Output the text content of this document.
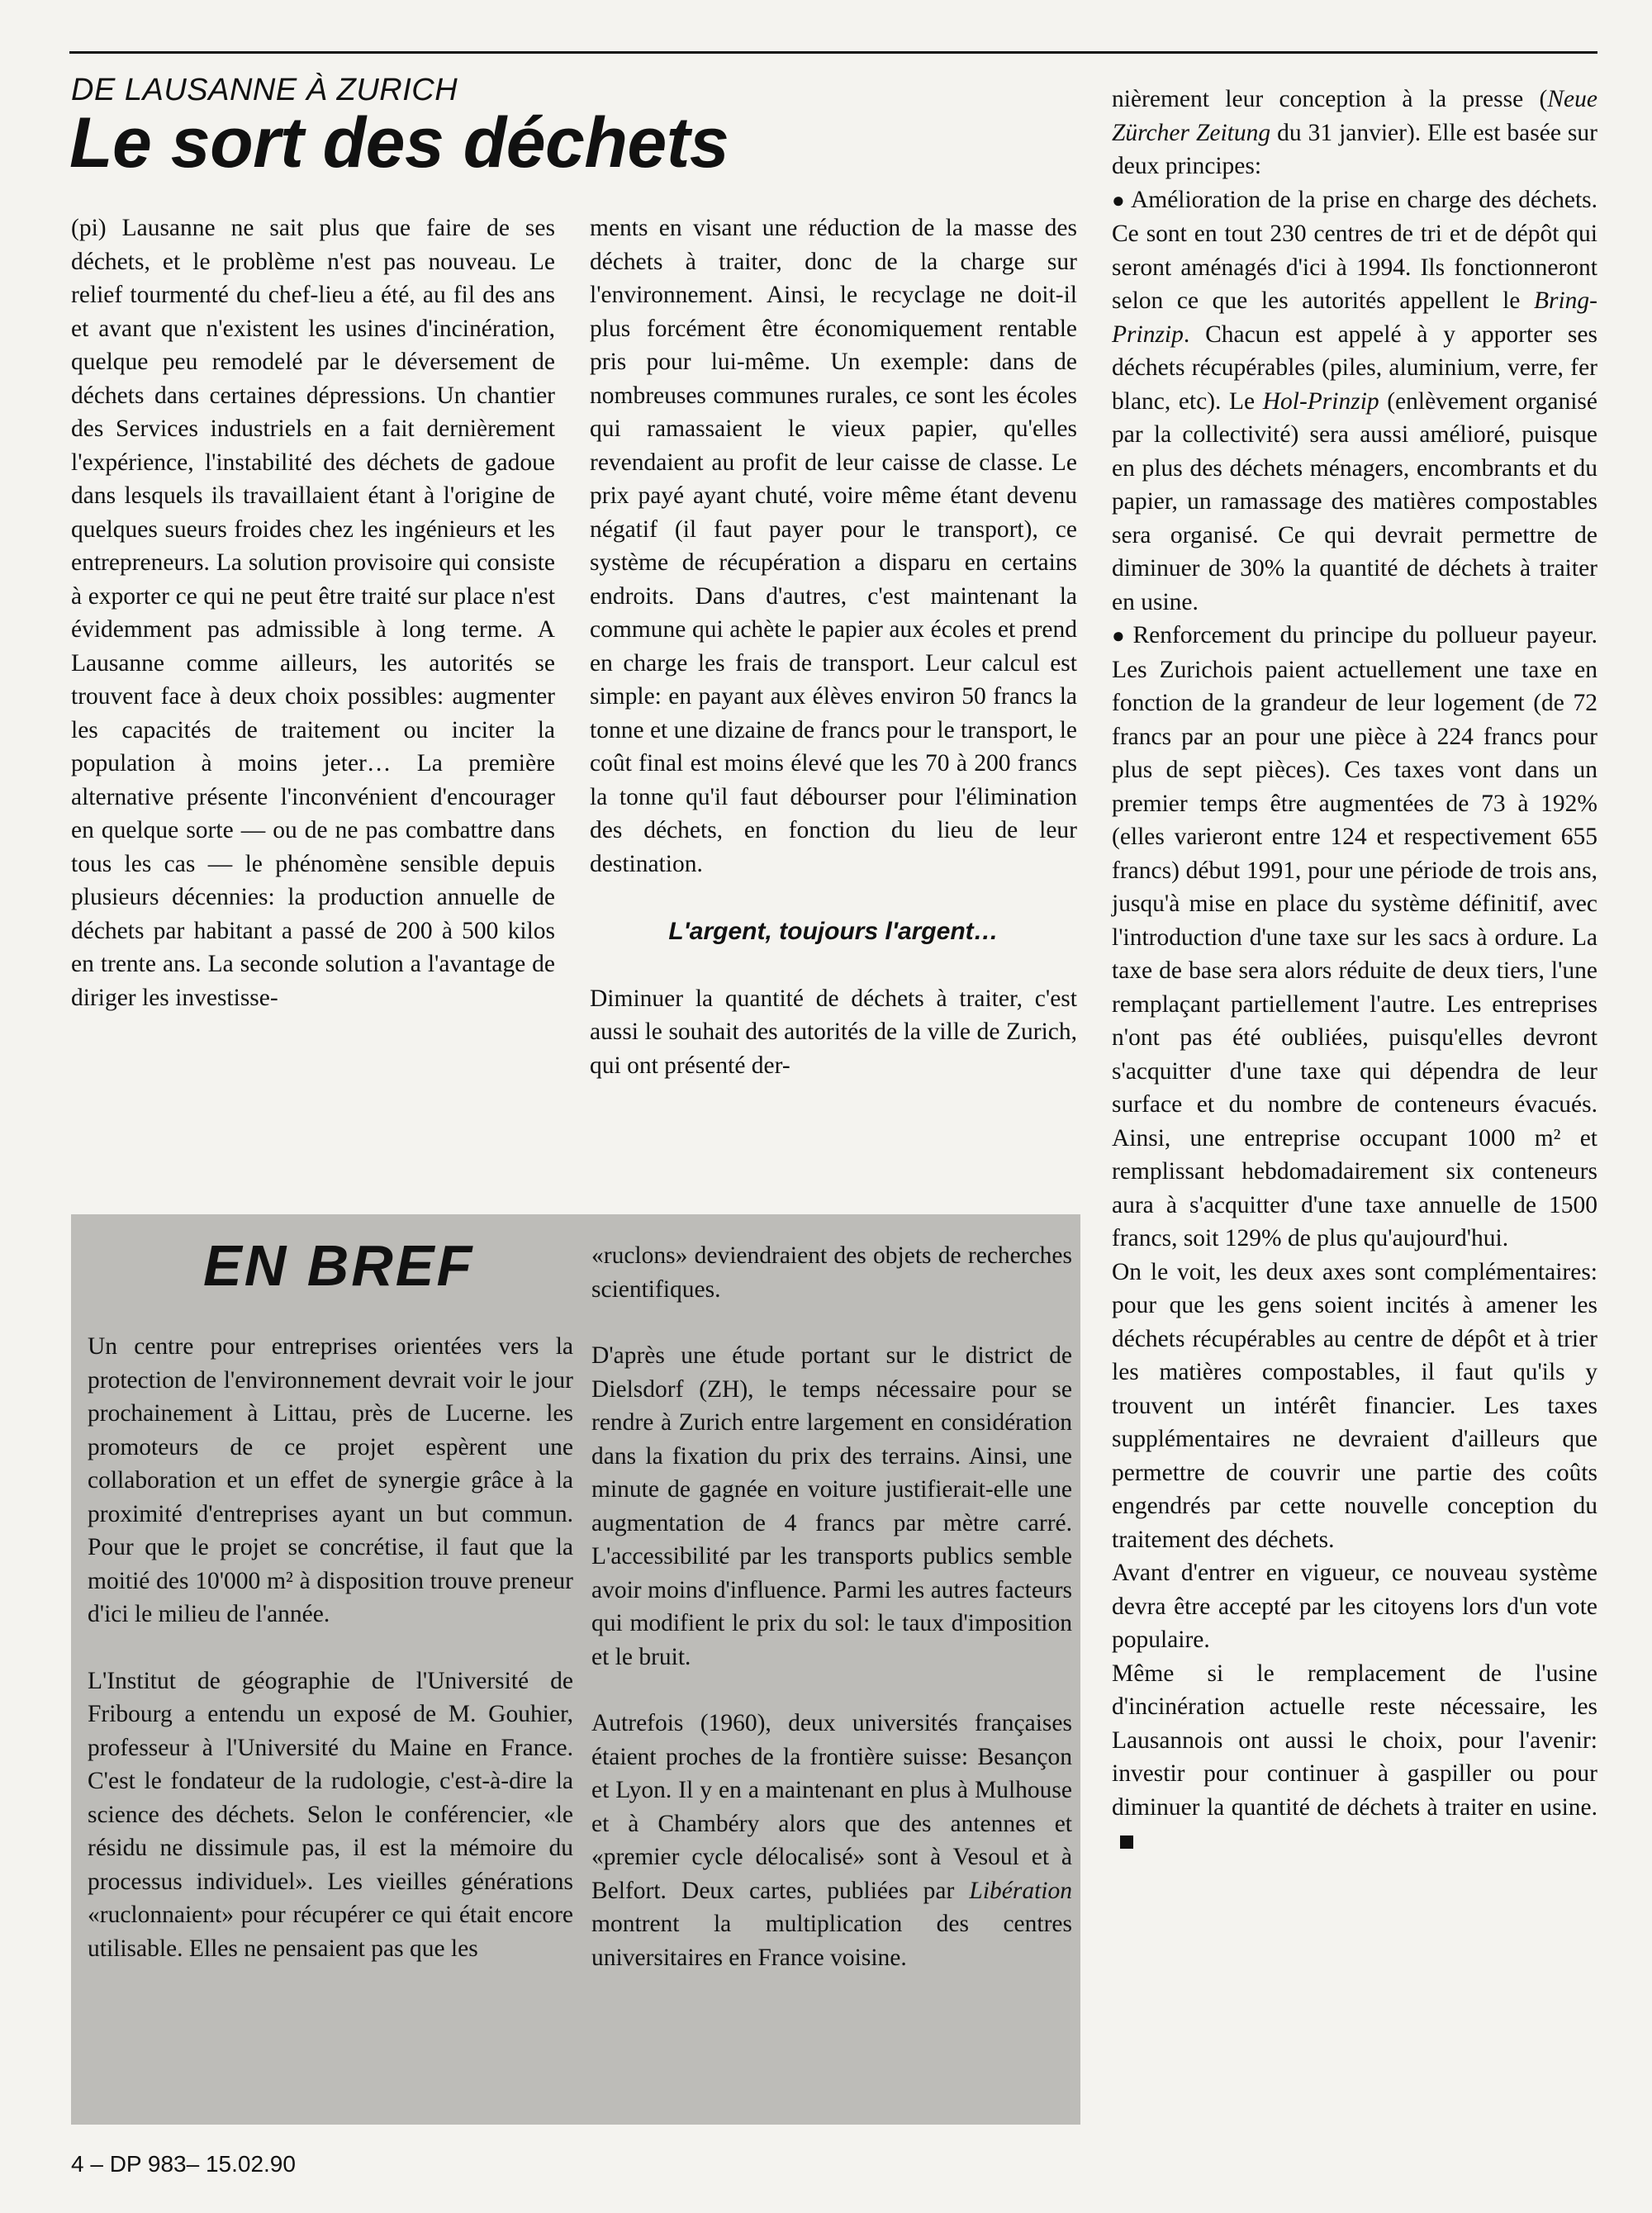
DE LAUSANNE À ZURICH

Le sort des déchets

(pi) Lausanne ne sait plus que faire de ses déchets, et le problème n'est pas nouveau. Le relief tourmenté du chef-lieu a été, au fil des ans et avant que n'existent les usines d'incinération, quelque peu remodelé par le déversement de déchets dans certaines dépressions. Un chantier des Services industriels en a fait dernièrement l'expérience, l'instabilité des déchets de gadoue dans lesquels ils travaillaient étant à l'origine de quelques sueurs froides chez les ingénieurs et les entrepreneurs. La solution provisoire qui consiste à exporter ce qui ne peut être traité sur place n'est évidemment pas admissible à long terme. A Lausanne comme ailleurs, les autorités se trouvent face à deux choix possibles: augmenter les capacités de traitement ou inciter la population à moins jeter… La première alternative présente l'inconvénient d'encourager en quelque sorte — ou de ne pas combattre dans tous les cas — le phénomène sensible depuis plusieurs décennies: la production annuelle de déchets par habitant a passé de 200 à 500 kilos en trente ans. La seconde solution a l'avantage de diriger les investisse-

ments en visant une réduction de la masse des déchets à traiter, donc de la charge sur l'environnement. Ainsi, le recyclage ne doit-il plus forcément être économiquement rentable pris pour lui-même. Un exemple: dans de nombreuses communes rurales, ce sont les écoles qui ramassaient le vieux papier, qu'elles revendaient au profit de leur caisse de classe. Le prix payé ayant chuté, voire même étant devenu négatif (il faut payer pour le transport), ce système de récupération a disparu en certains endroits. Dans d'autres, c'est maintenant la commune qui achète le papier aux écoles et prend en charge les frais de transport. Leur calcul est simple: en payant aux élèves environ 50 francs la tonne et une dizaine de francs pour le transport, le coût final est moins élevé que les 70 à 200 francs la tonne qu'il faut débourser pour l'élimination des déchets, en fonction du lieu de leur destination.

L'argent, toujours l'argent…

Diminuer la quantité de déchets à traiter, c'est aussi le souhait des autorités de la ville de Zurich, qui ont présenté der-

nièrement leur conception à la presse (Neue Zürcher Zeitung du 31 janvier). Elle est basée sur deux principes:

● Amélioration de la prise en charge des déchets. Ce sont en tout 230 centres de tri et de dépôt qui seront aménagés d'ici à 1994. Ils fonctionneront selon ce que les autorités appellent le Bring-Prinzip. Chacun est appelé à y apporter ses déchets récupérables (piles, aluminium, verre, fer blanc, etc). Le Hol-Prinzip (enlèvement organisé par la collectivité) sera aussi amélioré, puisque en plus des déchets ménagers, encombrants et du papier, un ramassage des matières compostables sera organisé. Ce qui devrait permettre de diminuer de 30% la quantité de déchets à traiter en usine.

● Renforcement du principe du pollueur payeur. Les Zurichois paient actuellement une taxe en fonction de la grandeur de leur logement (de 72 francs par an pour une pièce à 224 francs pour plus de sept pièces). Ces taxes vont dans un premier temps être augmentées de 73 à 192% (elles varieront entre 124 et respectivement 655 francs) début 1991, pour une période de trois ans, jusqu'à mise en place du système définitif, avec l'introduction d'une taxe sur les sacs à ordure. La taxe de base sera alors réduite de deux tiers, l'une remplaçant partiellement l'autre. Les entreprises n'ont pas été oubliées, puisqu'elles devront s'acquitter d'une taxe qui dépendra de leur surface et du nombre de conteneurs évacués. Ainsi, une entreprise occupant 1000 m² et remplissant hebdomadairement six conteneurs aura à s'acquitter d'une taxe annuelle de 1500 francs, soit 129% de plus qu'aujourd'hui.

On le voit, les deux axes sont complémentaires: pour que les gens soient incités à amener les déchets récupérables au centre de dépôt et à trier les matières compostables, il faut qu'ils y trouvent un intérêt financier. Les taxes supplémentaires ne devraient d'ailleurs que permettre de couvrir une partie des coûts engendrés par cette nouvelle conception du traitement des déchets.

Avant d'entrer en vigueur, ce nouveau système devra être accepté par les citoyens lors d'un vote populaire.

Même si le remplacement de l'usine d'incinération actuelle reste nécessaire, les Lausannois ont aussi le choix, pour l'avenir: investir pour continuer à gaspiller ou pour diminuer la quantité de déchets à traiter en usine.

EN BREF

Un centre pour entreprises orientées vers la protection de l'environnement devrait voir le jour prochainement à Littau, près de Lucerne. les promoteurs de ce projet espèrent une collaboration et un effet de synergie grâce à la proximité d'entreprises ayant un but commun. Pour que le projet se concrétise, il faut que la moitié des 10'000 m² à disposition trouve preneur d'ici le milieu de l'année.

L'Institut de géographie de l'Université de Fribourg a entendu un exposé de M. Gouhier, professeur à l'Université du Maine en France. C'est le fondateur de la rudologie, c'est-à-dire la science des déchets. Selon le conférencier, «le résidu ne dissimule pas, il est la mémoire du processus individuel». Les vieilles générations «ruclonnaient» pour récupérer ce qui était encore utilisable. Elles ne pensaient pas que les

«ruclons» deviendraient des objets de recherches scientifiques.

D'après une étude portant sur le district de Dielsdorf (ZH), le temps nécessaire pour se rendre à Zurich entre largement en considération dans la fixation du prix des terrains. Ainsi, une minute de gagnée en voiture justifierait-elle une augmentation de 4 francs par mètre carré. L'accessibilité par les transports publics semble avoir moins d'influence. Parmi les autres facteurs qui modifient le prix du sol: le taux d'imposition et le bruit.

Autrefois (1960), deux universités françaises étaient proches de la frontière suisse: Besançon et Lyon. Il y en a maintenant en plus à Mulhouse et à Chambéry alors que des antennes et «premier cycle délocalisé» sont à Vesoul et à Belfort. Deux cartes, publiées par Libération montrent la multiplication des centres universitaires en France voisine.

4 – DP 983– 15.02.90
